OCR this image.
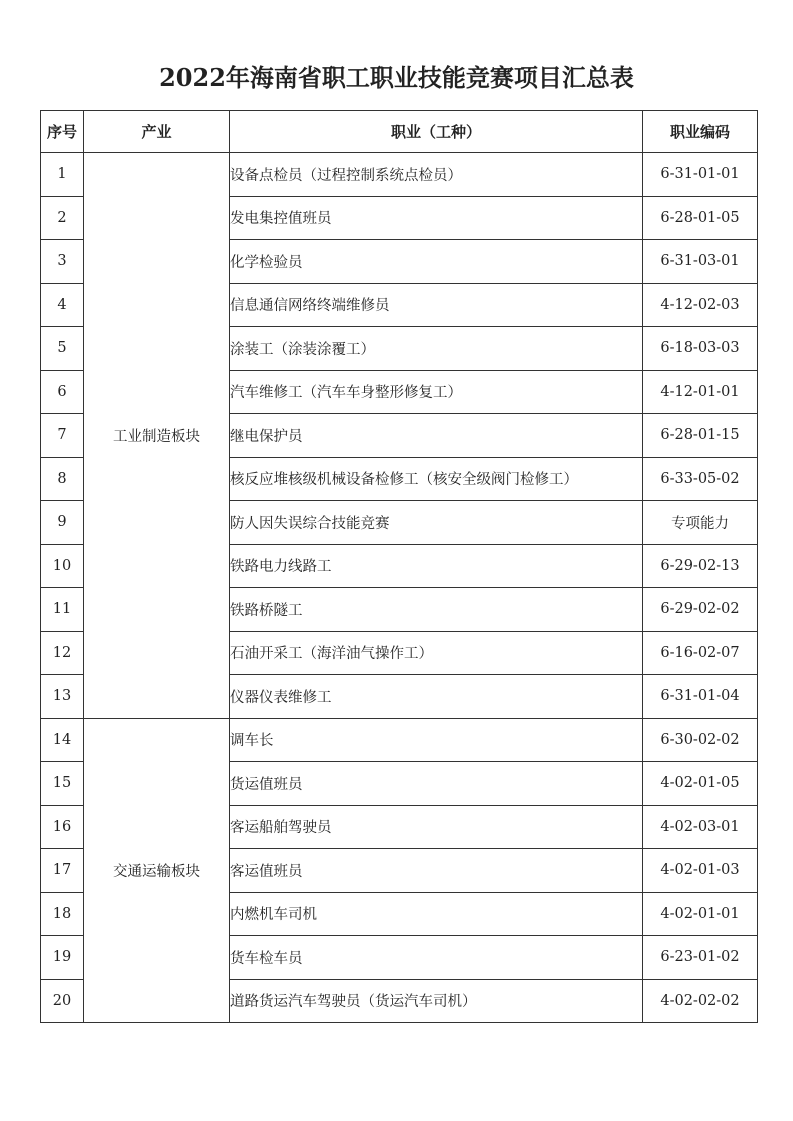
2022年海南省职工职业技能竞赛项目汇总表
序号	产业	职业（工种）	职业编码
1	工业制造板块	设备点检员（过程控制系统点检员）	6-31-01-01
2		发电集控值班员	6-28-01-05
3		化学检验员	6-31-03-01
4		信息通信网络终端维修员	4-12-02-03
5		涂装工（涂装涂覆工）	6-18-03-03
6		汽车维修工（汽车车身整形修复工）	4-12-01-01
7		继电保护员	6-28-01-15
8		核反应堆核级机械设备检修工（核安全级阀门检修工）	6-33-05-02
9		防人因失误综合技能竞赛	专项能力
10		铁路电力线路工	6-29-02-13
11		铁路桥隧工	6-29-02-02
12		石油开采工（海洋油气操作工）	6-16-02-07
13		仪器仪表维修工	6-31-01-04
14	交通运输板块	调车长	6-30-02-02
15		货运值班员	4-02-01-05
16		客运船舶驾驶员	4-02-03-01
17		客运值班员	4-02-01-03
18		内燃机车司机	4-02-01-01
19		货车检车员	6-23-01-02
20		道路货运汽车驾驶员（货运汽车司机）	4-02-02-02
